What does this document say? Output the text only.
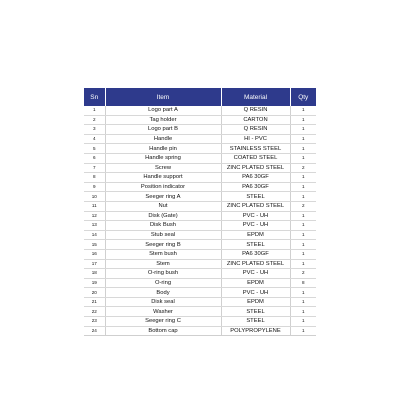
Sn	Item	Material	Qty
1	Logo part A	Q RESIN	1
2	Tag holder	CARTON	1
3	Logo part B	Q RESIN	1
4	Handle	HI - PVC	1
5	Handle pin	STAINLESS STEEL	1
6	Handle spring	COATED STEEL	1
7	Screw	ZINC PLATED STEEL	2
8	Handle support	PA6 30GF	1
9	Position indicator	PA6 30GF	1
10	Seeger ring A	STEEL	1
11	Nut	ZINC PLATED STEEL	2
12	Disk (Gate)	PVC - UH	1
13	Disk Bush	PVC - UH	1
14	Stub seal	EPDM	1
15	Seeger ring B	STEEL	1
16	Stem bush	PA6 30GF	1
17	Stem	ZINC PLATED STEEL	1
18	O-ring bush	PVC - UH	2
19	O-ring	EPDM	8
20	Body	PVC - UH	1
21	Disk seal	EPDM	1
22	Washer	STEEL	1
23	Seeger ring C	STEEL	1
24	Bottom cap	POLYPROPYLENE	1
